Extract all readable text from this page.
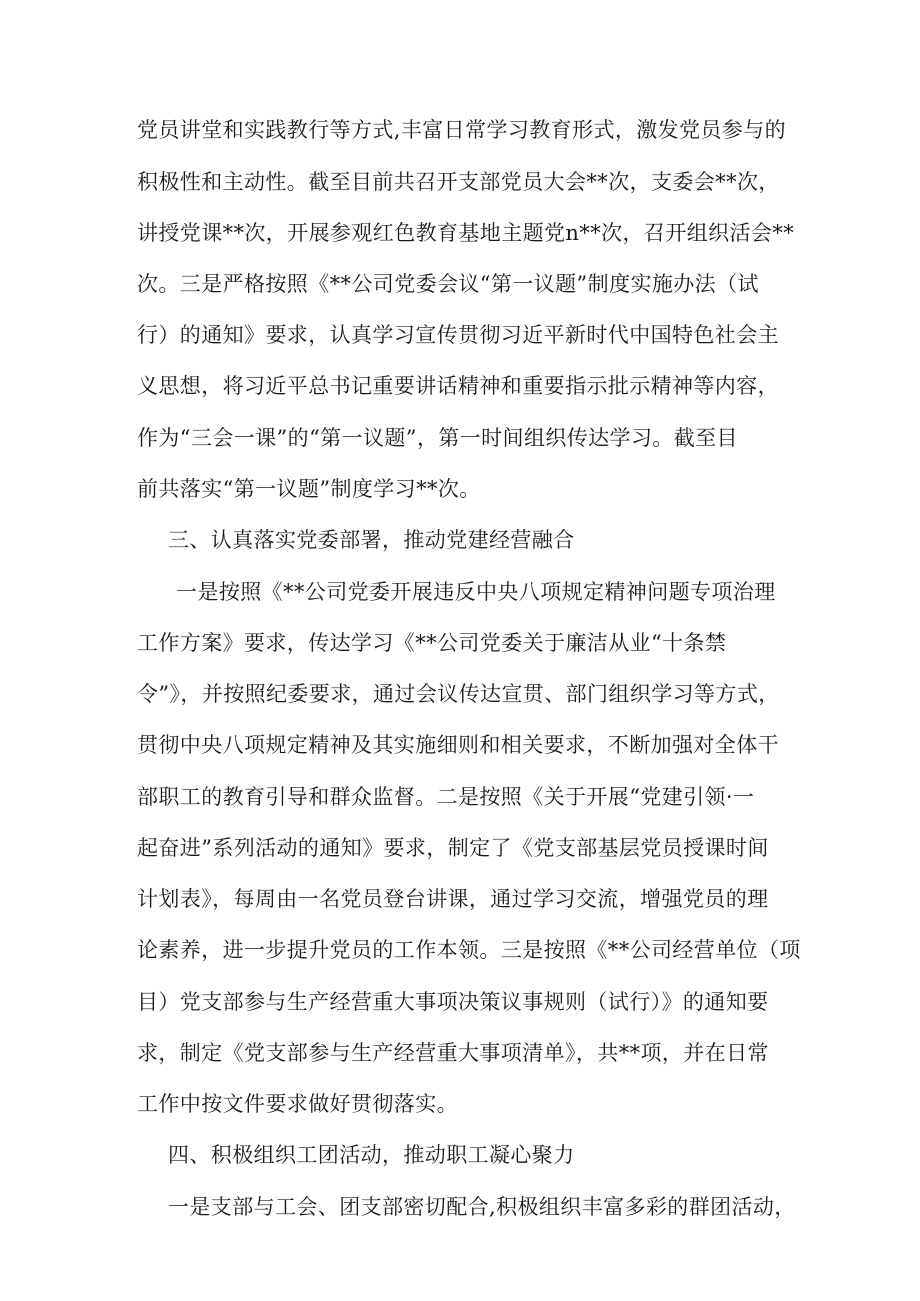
党员讲堂和实践教行等方式,丰富日常学习教育形式，激发党员参与的

积极性和主动性。截至目前共召开支部党员大会**次，支委会**次，

讲授党课**次，开展参观红色教育基地主题党n**次，召开组织活会**

次。三是严格按照《**公司党委会议“第一议题”制度实施办法（试

行）的通知》要求，认真学习宣传贯彻习近平新时代中国特色社会主

义思想，将习近平总书记重要讲话精神和重要指示批示精神等内容，

作为“三会一课”的“第一议题”，第一时间组织传达学习。截至目

前共落实“第一议题”制度学习**次。

三、认真落实党委部署，推动党建经营融合

一是按照《**公司党委开展违反中央八项规定精神问题专项治理

工作方案》要求，传达学习《**公司党委关于廉洁从业“十条禁

令”》，并按照纪委要求，通过会议传达宣贯、部门组织学习等方式，

贯彻中央八项规定精神及其实施细则和相关要求，不断加强对全体干

部职工的教育引导和群众监督。二是按照《关于开展“党建引领·一

起奋进”系列活动的通知》要求，制定了《党支部基层党员授课时间

计划表》，每周由一名党员登台讲课，通过学习交流，增强党员的理

论素养，进一步提升党员的工作本领。三是按照《**公司经营单位（项

目）党支部参与生产经营重大事项决策议事规则（试行）》的通知要

求，制定《党支部参与生产经营重大事项清单》，共**项，并在日常

工作中按文件要求做好贯彻落实。

四、积极组织工团活动，推动职工凝心聚力

一是支部与工会、团支部密切配合,积极组织丰富多彩的群团活动，
